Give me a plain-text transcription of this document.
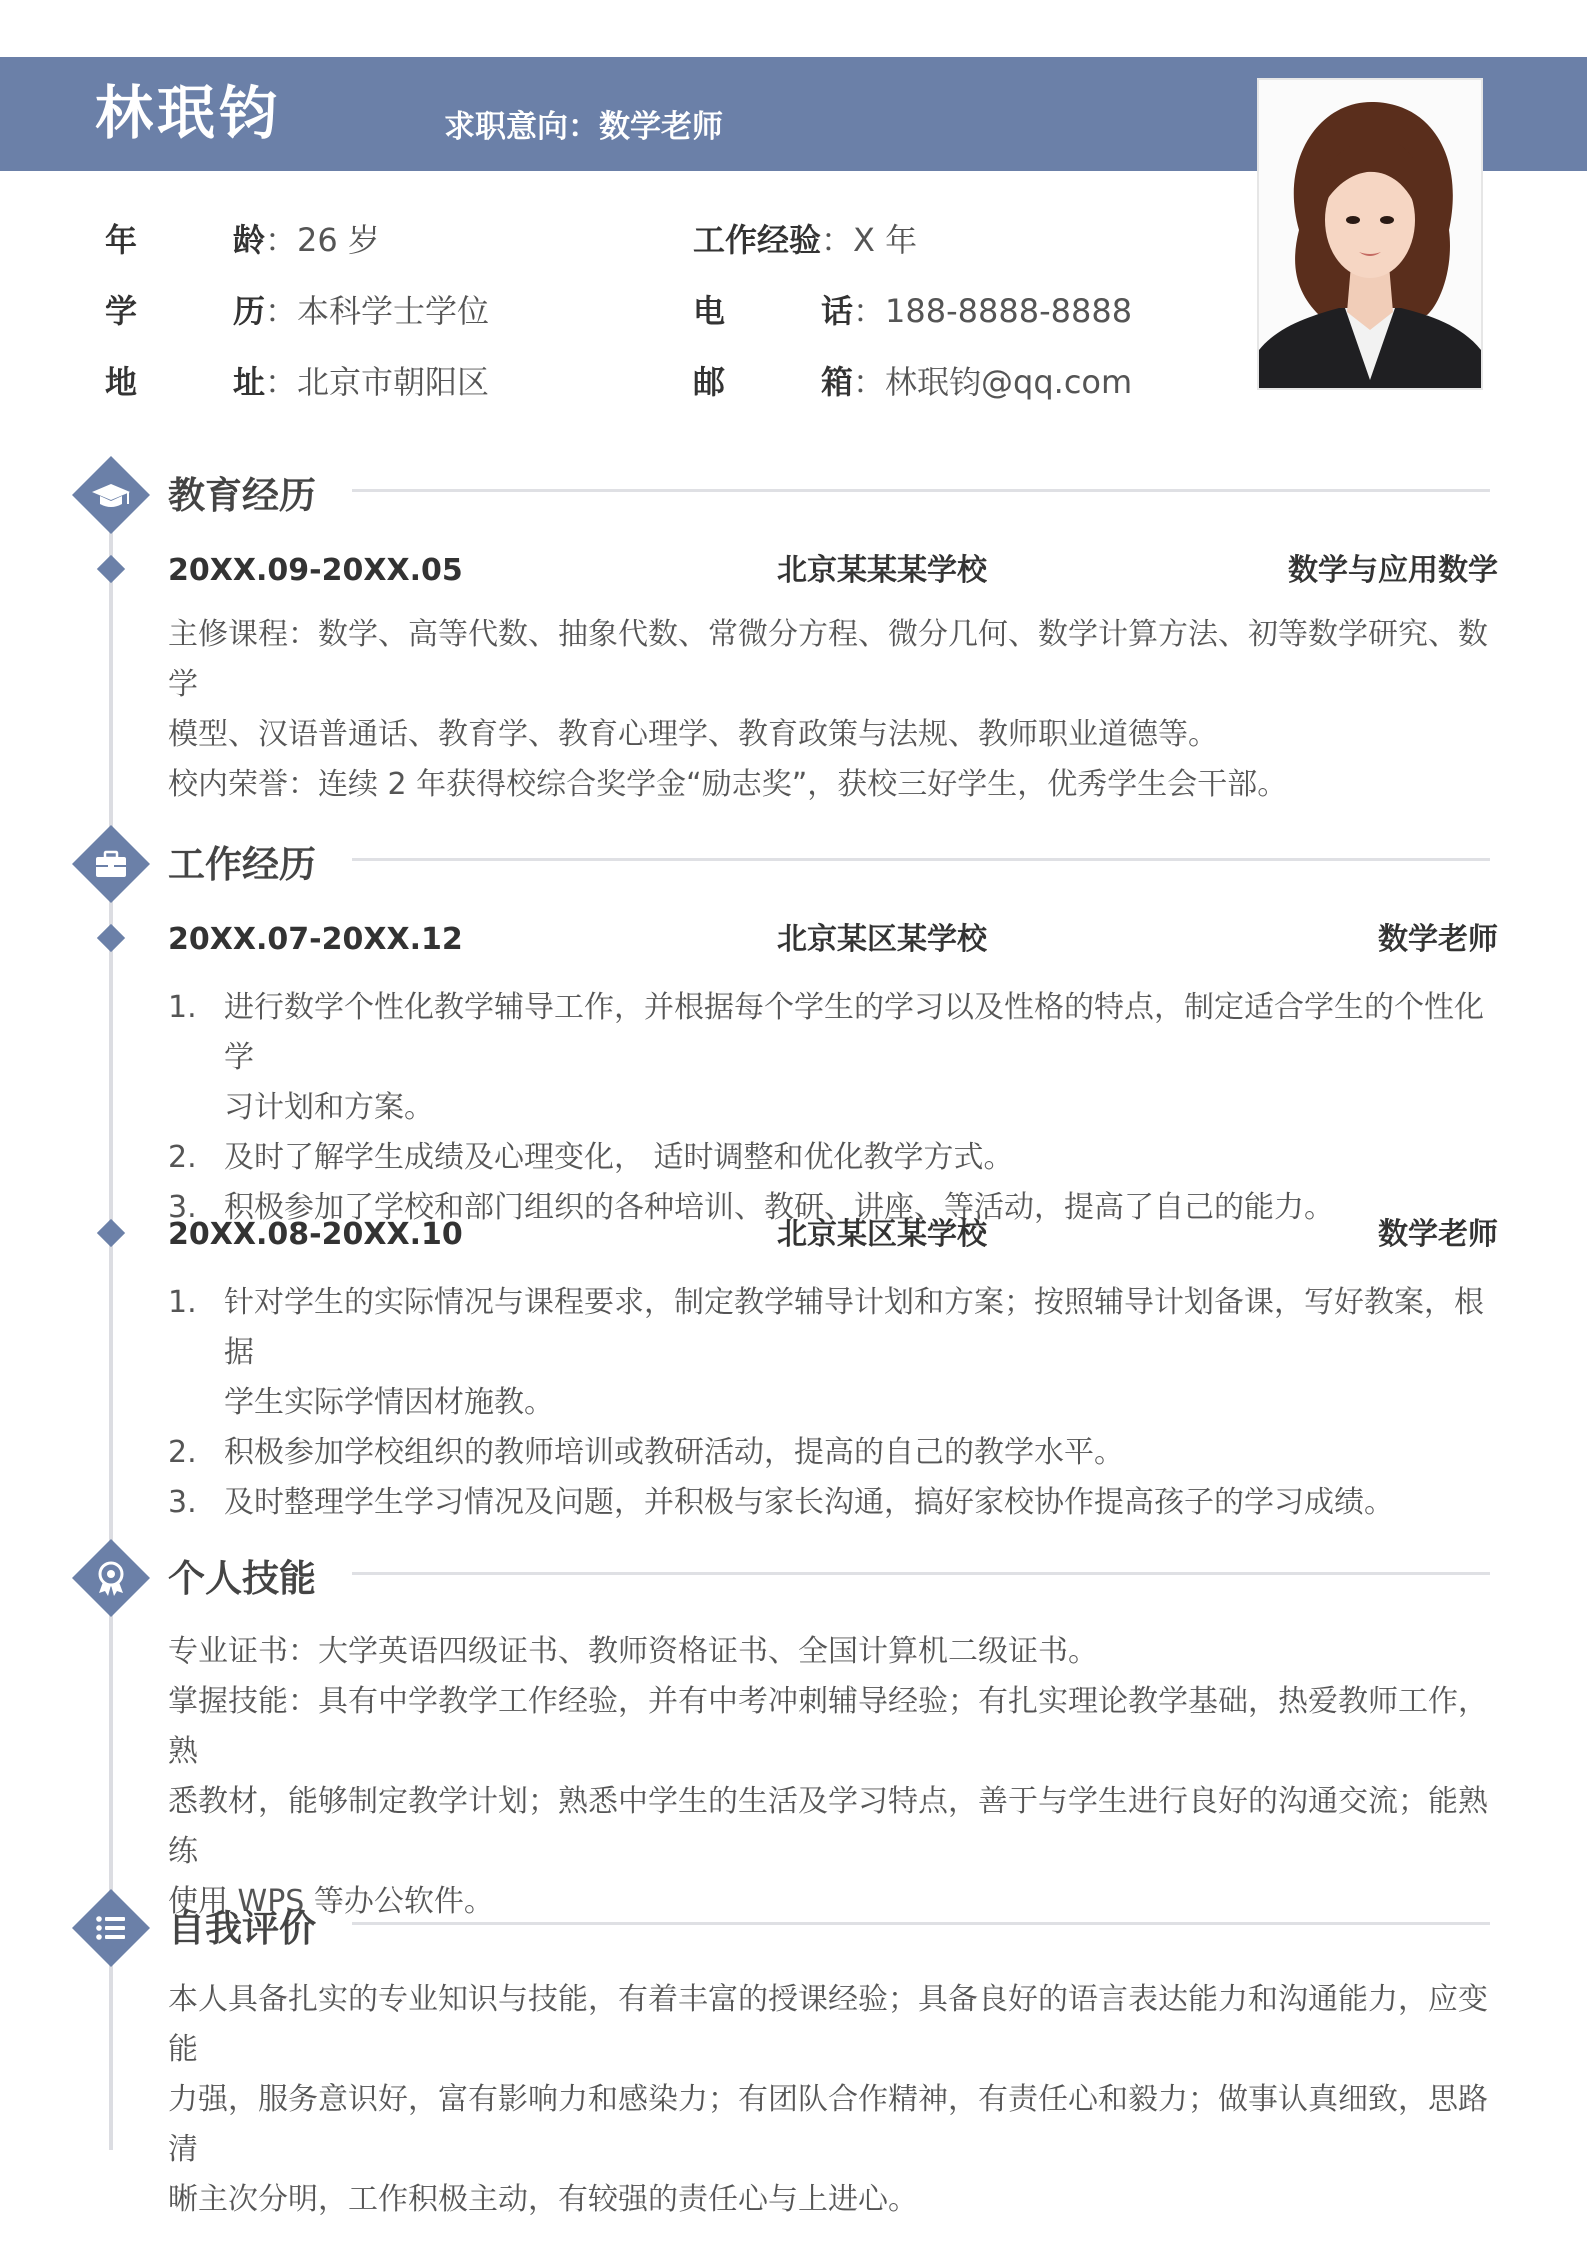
林珉钧	求职意向：数学老师
年	龄 ：26 岁	工作经验：X 年
学	历 ：本科学士学位	电	话 ：188-8888-8888
地	址 ：北京市朝阳区	邮	箱 ：林珉钧@qq.com
教育经历
20XX.09-20XX.05	北京某某某学校	数学与应用数学
主修课程：数学、高等代数、抽象代数、常微分方程、微分几何、数学计算方法、初等数学研究、数学
模型、汉语普通话、教育学、教育心理学、教育政策与法规、教师职业道德等。
校内荣誉：连续 2 年获得校综合奖学金“励志奖”，获校三好学生，优秀学生会干部。
工作经历
20XX.07-20XX.12	北京某区某学校	数学老师
1. 进行数学个性化教学辅导工作，并根据每个学生的学习以及性格的特点，制定适合学生的个性化学
习计划和方案。
2. 及时了解学生成绩及心理变化， 适时调整和优化教学方式。
3. 积极参加了学校和部门组织的各种培训、教研、讲座、等活动，提高了自己的能力。
20XX.08-20XX.10	北京某区某学校	数学老师
1. 针对学生的实际情况与课程要求，制定教学辅导计划和方案；按照辅导计划备课，写好教案，根据
学生实际学情因材施教。
2. 积极参加学校组织的教师培训或教研活动，提高的自己的教学水平。
3. 及时整理学生学习情况及问题，并积极与家长沟通，搞好家校协作提高孩子的学习成绩。
个人技能
专业证书：大学英语四级证书、教师资格证书、全国计算机二级证书。
掌握技能：具有中学教学工作经验，并有中考冲刺辅导经验；有扎实理论教学基础，热爱教师工作，熟
悉教材，能够制定教学计划；熟悉中学生的生活及学习特点，善于与学生进行良好的沟通交流；能熟练
使用 WPS 等办公软件。
自我评价
本人具备扎实的专业知识与技能，有着丰富的授课经验；具备良好的语言表达能力和沟通能力，应变能
力强，服务意识好，富有影响力和感染力；有团队合作精神，有责任心和毅力；做事认真细致，思路清
晰主次分明，工作积极主动，有较强的责任心与上进心。
